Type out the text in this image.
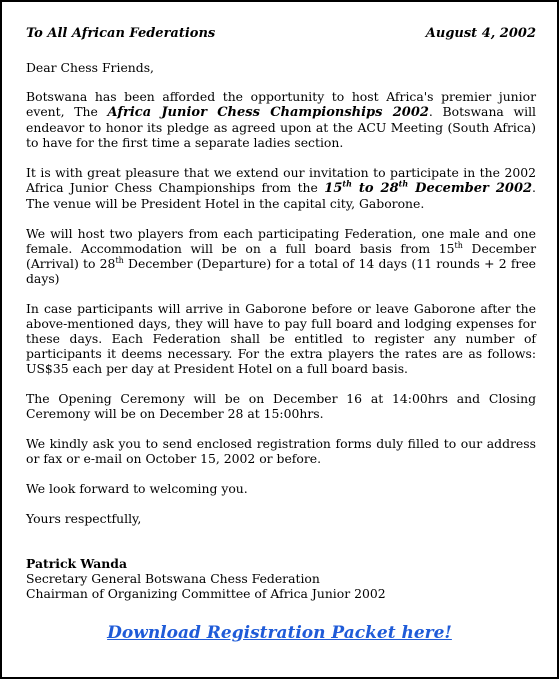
To All African Federations	August 4, 2002

Dear Chess Friends,

Botswana has been afforded the opportunity to host Africa's premier junior event, The Africa Junior Chess Championships 2002. Botswana will endeavor to honor its pledge as agreed upon at the ACU Meeting (South Africa) to have for the first time a separate ladies section.

It is with great pleasure that we extend our invitation to participate in the 2002 Africa Junior Chess Championships from the 15th to 28th December 2002. The venue will be President Hotel in the capital city, Gaborone.

We will host two players from each participating Federation, one male and one female. Accommodation will be on a full board basis from 15th December (Arrival) to 28th December (Departure) for a total of 14 days (11 rounds + 2 free days)

In case participants will arrive in Gaborone before or leave Gaborone after the above-mentioned days, they will have to pay full board and lodging expenses for these days. Each Federation shall be entitled to register any number of participants it deems necessary. For the extra players the rates are as follows: US$35 each per day at President Hotel on a full board basis.

The Opening Ceremony will be on December 16 at 14:00hrs and Closing Ceremony will be on December 28 at 15:00hrs.

We kindly ask you to send enclosed registration forms duly filled to our address or fax or e-mail on October 15, 2002 or before.

We look forward to welcoming you.

Yours respectfully,

Patrick Wanda
Secretary General Botswana Chess Federation
Chairman of Organizing Committee of Africa Junior 2002
Download Registration Packet here!
